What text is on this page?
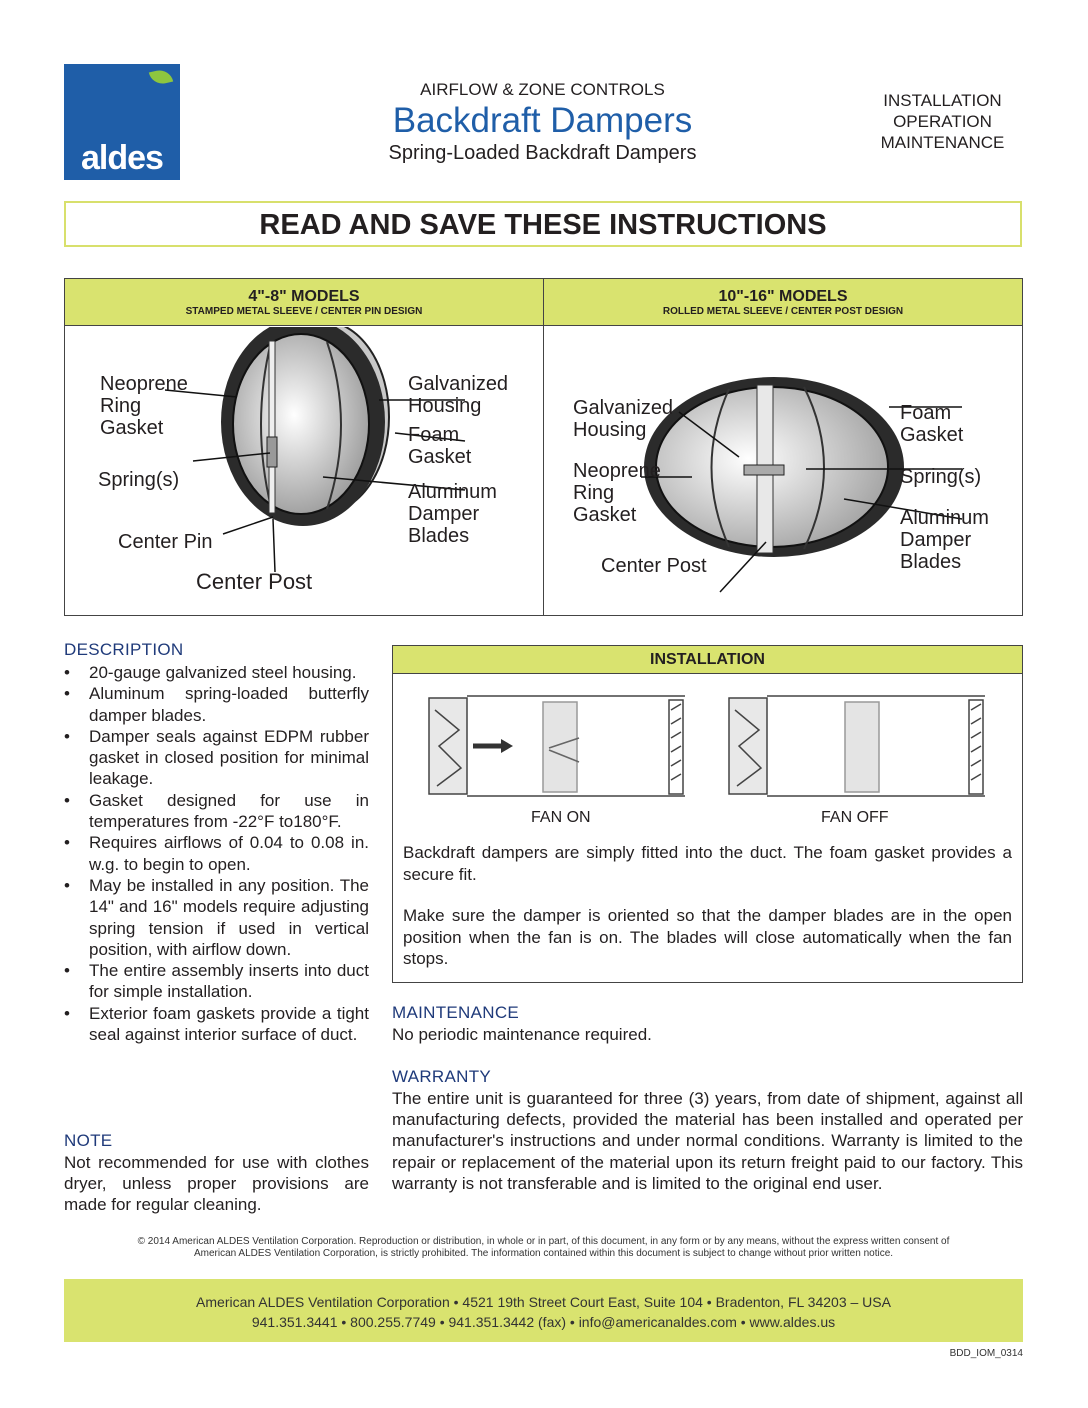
aldes
AIRFLOW & ZONE CONTROLS
Backdraft Dampers
Spring-Loaded Backdraft Dampers
INSTALLATION
OPERATION
MAINTENANCE
READ AND SAVE THESE INSTRUCTIONS
4"-8" MODELS
STAMPED METAL SLEEVE / CENTER PIN DESIGN
10"-16" MODELS
ROLLED METAL SLEEVE / CENTER POST DESIGN
Neoprene
Ring
Gasket
Spring(s)
Center Pin
Center Post
Galvanized
Housing
Foam
Gasket
Aluminum
Damper
Blades
Galvanized
Housing
Neoprene
Ring
Gasket
Center Post
Foam
Gasket
Spring(s)
Aluminum
Damper
Blades
DESCRIPTION
• 20-gauge galvanized steel housing.
• Aluminum spring-loaded butterfly damper blades.
• Damper seals against EDPM rubber gasket in closed position for minimal leakage.
• Gasket designed for use in temperatures from -22°F to180°F.
• Requires airflows of 0.04 to 0.08 in. w.g. to begin to open.
• May be installed in any position. The 14" and 16" models require adjusting spring tension if used in vertical position, with airflow down.
• The entire assembly inserts into duct for simple installation.
• Exterior foam gaskets provide a tight seal against interior surface of duct.
NOTE

Not recommended for use with clothes dryer, unless proper provisions are made for regular cleaning.

INSTALLATION
FAN ON	FAN OFF

Backdraft dampers are simply fitted into the duct. The foam gasket provides a secure fit.

Make sure the damper is oriented so that the damper blades are in the open position when the fan is on. The blades will close automatically when the fan stops.

MAINTENANCE

No periodic maintenance required.

WARRANTY

The entire unit is guaranteed for three (3) years, from date of shipment, against all manufacturing defects, provided the material has been installed and operated per manufacturer's instructions and under normal conditions. Warranty is limited to the repair or replacement of the material upon its return freight paid to our factory. This warranty is not transferable and is limited to the original end user.

© 2014 American ALDES Ventilation Corporation. Reproduction or distribution, in whole or in part, of this document, in any form or by any means, without the express written consent of
American ALDES Ventilation Corporation, is strictly prohibited. The information contained within this document is subject to change without prior written notice.
American ALDES Ventilation Corporation • 4521 19th Street Court East, Suite 104 • Bradenton, FL 34203 – USA
941.351.3441 • 800.255.7749 • 941.351.3442 (fax) • info@americanaldes.com • www.aldes.us
BDD_IOM_0314
